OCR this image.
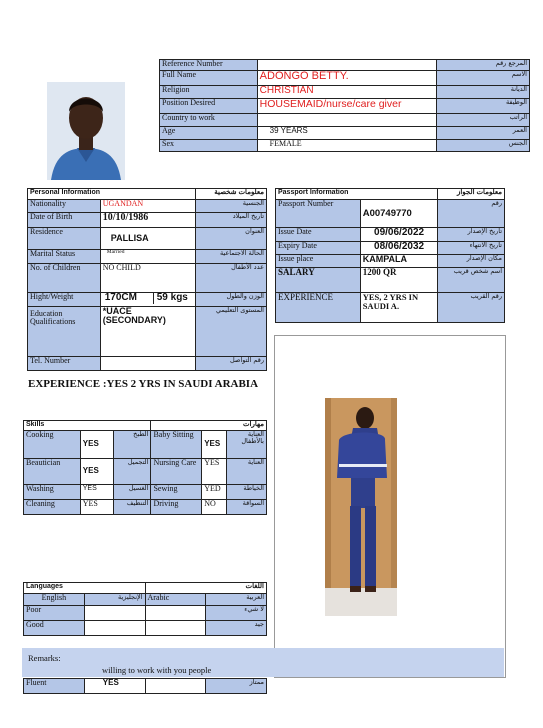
Reference Number		المرجع رقم
Full Name	ADONGO BETTY.	الاسم
Religion	CHRISTIAN	الديانة
Position Desired	HOUSEMAID/nurse/care giver	الوظيفة
Country to work		الراتب
Age	39 YEARS	العمر
Sex	FEMALE	الجنس
Personal Information		معلومات شخصية
Nationality	UGANDAN	الجنسية
Date of Birth	10/10/1986	تاريخ الميلاد
Residence	PALLISA	العنوان
Marital Status	Married	الحالة الاجتماعية
No. of Children	NO CHILD	عدد الأطفال
Hight/Weight	170CM 59 kgs	الوزن والطول
Education Qualifications	*UACE (SECONDARY)	المستوى التعليمي
Tel. Number		رقم التواصل
EXPERIENCE :YES 2 YRS IN SAUDI ARABIA
Passport Information		معلومات الجواز
Passport Number	A00749770	رقم
Issue Date	09/06/2022	تاريخ الإصدار
Expiry Date	08/06/2032	تاريخ الانتهاء
Issue place	KAMPALA	مكان الإصدار
SALARY	1200 QR	اسم شخص قريب
EXPERIENCE	YES, 2 YRS IN SAUDI A.	رقم القريب
Skills			مهارات		
Cooking	YES	الطبخ	Baby Sitting	YES	العناية بالأطفال
Beautician	YES	التجميل	Nursing Care	YES	العناية
Washing	YES	الغسيل	Sewing	YED	الخياطة
Cleaning	YES	التنظيف	Driving	NO	السواقة
Languages		اللغات	
English	الإنجليزية	Arabic	العربية
Poor			لا شيء
Good			جيد
Remarks:
willing to work with you people
Fluent	YES		ممتاز
